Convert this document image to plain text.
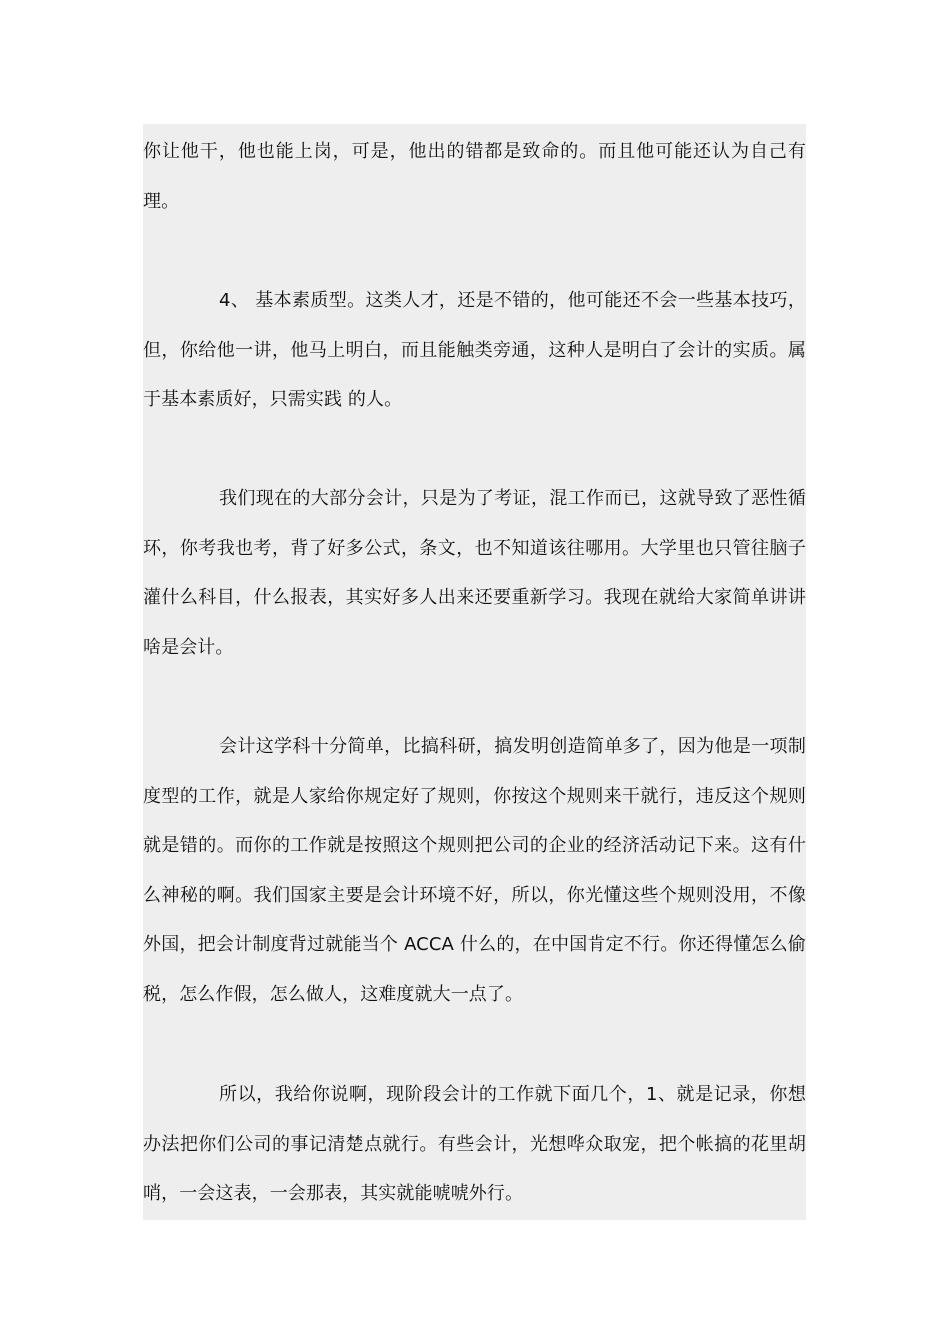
你让他干，他也能上岗，可是，他出的错都是致命的。而且他可能还认为自己有理。

4、 基本素质型。这类人才，还是不错的，他可能还不会一些基本技巧，但，你给他一讲，他马上明白，而且能触类旁通，这种人是明白了会计的实质。属于基本素质好，只需实践 的人。

我们现在的大部分会计，只是为了考证，混工作而已，这就导致了恶性循环，你考我也考，背了好多公式，条文，也不知道该往哪用。大学里也只管往脑子灌什么科目，什么报表，其实好多人出来还要重新学习。我现在就给大家简单讲讲啥是会计。

会计这学科十分简单，比搞科研，搞发明创造简单多了，因为他是一项制度型的工作，就是人家给你规定好了规则，你按这个规则来干就行，违反这个规则就是错的。而你的工作就是按照这个规则把公司的企业的经济活动记下来。这有什么神秘的啊。我们国家主要是会计环境不好，所以，你光懂这些个规则没用，不像外国，把会计制度背过就能当个 ACCA 什么的，在中国肯定不行。你还得懂怎么偷税，怎么作假，怎么做人，这难度就大一点了。

所以，我给你说啊，现阶段会计的工作就下面几个，1、就是记录，你想办法把你们公司的事记清楚点就行。有些会计，光想哗众取宠，把个帐搞的花里胡哨，一会这表，一会那表，其实就能唬唬外行。
